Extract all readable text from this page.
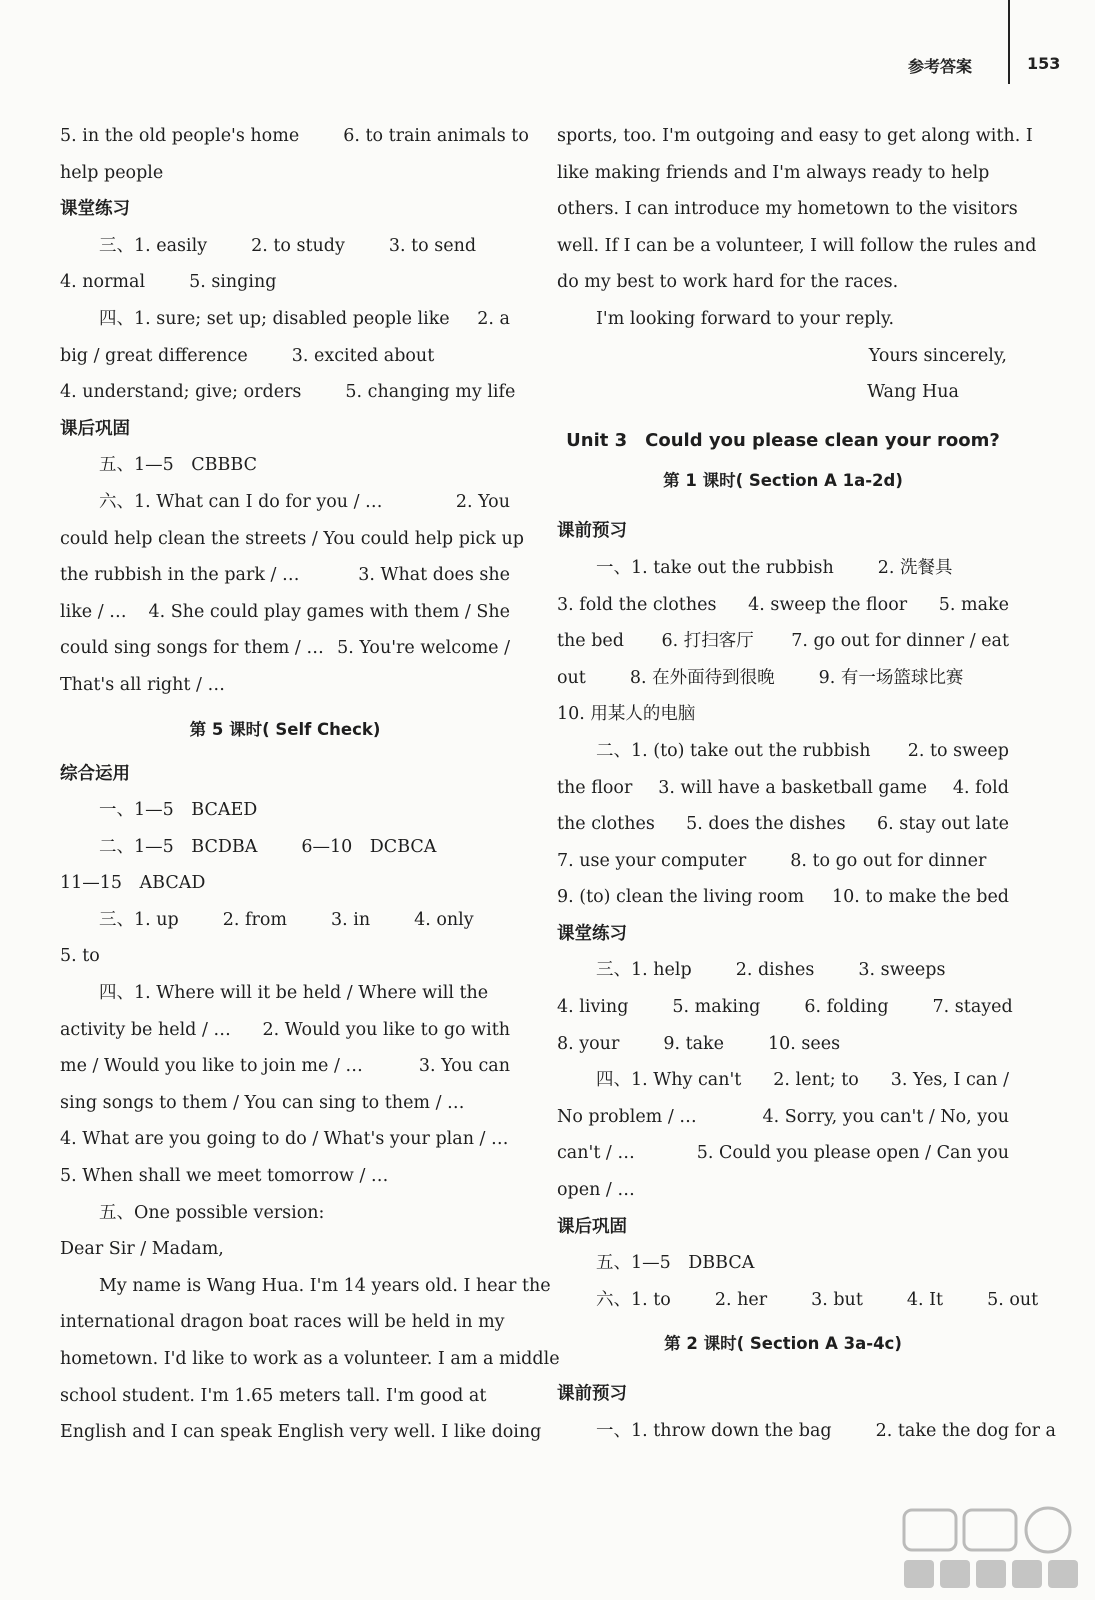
参考答案	153
5. in the old people's home	6. to train animals to
help people
课堂练习
三、1. easily	2. to study	3. to send
4. normal	5. singing
四、1. sure; set up; disabled people like 2. a
big / great difference	3. excited about
4. understand; give; orders	5. changing my life
课后巩固
五、1—5　CBBBC
六、1. What can I do for you / …	2. You
could help clean the streets / You could help pick up
the rubbish in the park / …	3. What does she
like / … 4. She could play games with them / She
could sing songs for them / … 5. You're welcome /
That's all right / …
第 5 课时( Self Check)
综合运用
一、1—5　BCAED
二、1—5　BCDBA	6—10　DCBCA
11—15　ABCAD
三、1. up	2. from	3. in	4. only
5. to
四、1. Where will it be held / Where will the
activity be held / … 2. Would you like to go with
me / Would you like to join me / …	3. You can
sing songs to them / You can sing to them / …
4. What are you going to do / What's your plan / …
5. When shall we meet tomorrow / …
五、One possible version:
Dear Sir / Madam,
My name is Wang Hua. I'm 14 years old. I hear the
international dragon boat races will be held in my
hometown. I'd like to work as a volunteer. I am a middle
school student. I'm 1.65 meters tall. I'm good at
English and I can speak English very well. I like doing
sports, too. I'm outgoing and easy to get along with. I
like making friends and I'm always ready to help
others. I can introduce my hometown to the visitors
well. If I can be a volunteer, I will follow the rules and
do my best to work hard for the races.
I'm looking forward to your reply.
Yours sincerely,
Wang Hua
Unit 3　Could you please clean your room?
第 1 课时( Section A 1a-2d)
课前预习
一、1. take out the rubbish	2. 洗餐具
3. fold the clothes 4. sweep the floor 5. make
the bed 6. 打扫客厅 7. go out for dinner / eat
out	8. 在外面待到很晚	9. 有一场篮球比赛
10. 用某人的电脑
二、1. (to) take out the rubbish 2. to sweep
the floor 3. will have a basketball game 4. fold
the clothes 5. does the dishes 6. stay out late
7. use your computer	8. to go out for dinner
9. (to) clean the living room 10. to make the bed
课堂练习
三、1. help	2. dishes	3. sweeps
4. living	5. making	6. folding	7. stayed
8. your	9. take	10. sees
四、1. Why can't 2. lent; to 3. Yes, I can /
No problem / …	4. Sorry, you can't / No, you
can't / …	5. Could you please open / Can you
open / …
课后巩固
五、1—5　DBBCA
六、1. to	2. her	3. but	4. It	5. out
第 2 课时( Section A 3a-4c)
课前预习
一、1. throw down the bag	2. take the dog for a
